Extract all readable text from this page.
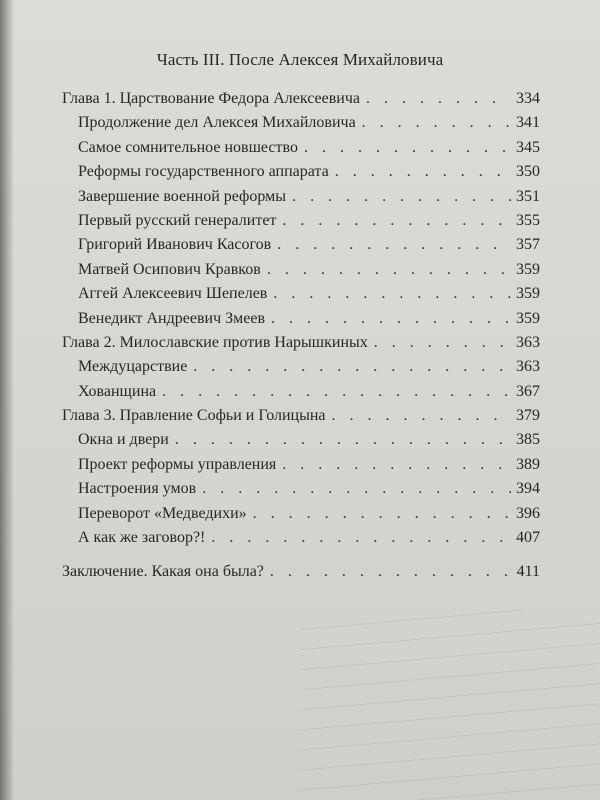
Часть III. После Алексея Михайловича
Глава 1. Царствование Федора Алексеевича . . .	334
Продолжение дел Алексея Михайловича . . .	341
Самое сомнительное новшество . . .	345
Реформы государственного аппарата . . .	350
Завершение военной реформы . . .	351
Первый русский генералитет . . .	355
Григорий Иванович Касогов . . .	357
Матвей Осипович Кравков . . .	359
Аггей Алексеевич Шепелев . . .	359
Венедикт Андреевич Змеев . . .	359
Глава 2. Милославские против Нарышкиных . . .	363
Междуцарствие . . .	363
Хованщина . . .	367
Глава 3. Правление Софьи и Голицына . . .	379
Окна и двери . . .	385
Проект реформы управления . . .	389
Настроения умов . . .	394
Переворот «Медведихи» . . .	396
А как же заговор?! . . .	407
Заключение. Какая она была? . . .	411
